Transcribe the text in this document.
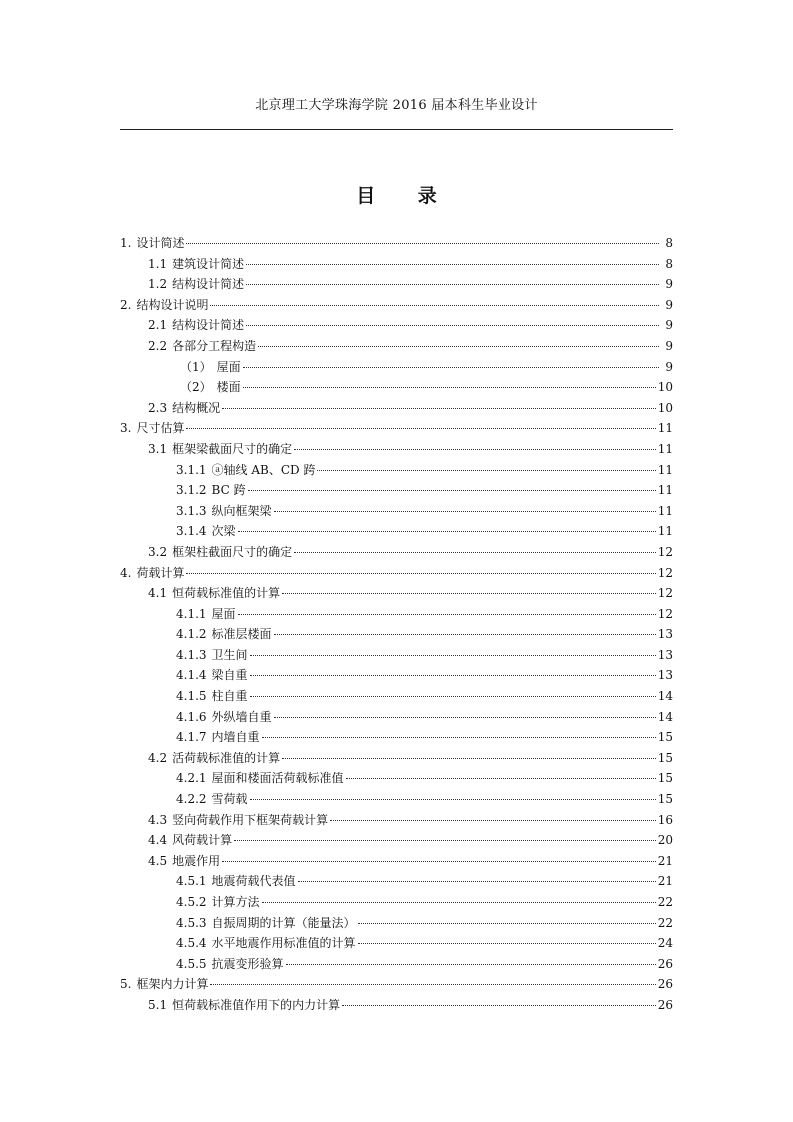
北京理工大学珠海学院 2016 届本科生毕业设计
目 录
1. 设计简述	8
1.1 建筑设计简述	8
1.2 结构设计简述	9
2. 结构设计说明	9
2.1 结构设计简述	9
2.2 各部分工程构造	9
（1） 屋面	9
（2） 楼面	10
2.3 结构概况	10
3. 尺寸估算	11
3.1 框架梁截面尺寸的确定	11
3.1.1 ⓐ轴线 AB、CD 跨	11
3.1.2 BC 跨	11
3.1.3 纵向框架梁	11
3.1.4 次梁	11
3.2 框架柱截面尺寸的确定	12
4. 荷载计算	12
4.1 恒荷载标准值的计算	12
4.1.1 屋面	12
4.1.2 标准层楼面	13
4.1.3 卫生间	13
4.1.4 梁自重	13
4.1.5 柱自重	14
4.1.6 外纵墙自重	14
4.1.7 内墙自重	15
4.2 活荷载标准值的计算	15
4.2.1 屋面和楼面活荷载标准值	15
4.2.2 雪荷载	15
4.3 竖向荷载作用下框架荷载计算	16
4.4 风荷载计算	20
4.5 地震作用	21
4.5.1 地震荷载代表值	21
4.5.2 计算方法	22
4.5.3 自振周期的计算（能量法）	22
4.5.4 水平地震作用标准值的计算	24
4.5.5 抗震变形验算	26
5. 框架内力计算	26
5.1 恒荷载标准值作用下的内力计算	26
